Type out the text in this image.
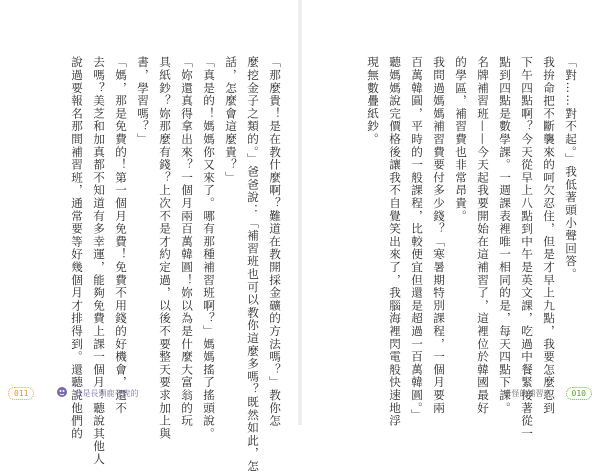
「那麼貴！是在教什麼啊？難道在教開採金礦的方法嗎？」教你怎

麼挖金子之類的。」爸爸說：「補習班也可以教你這麼多嗎？既然如此，怎

話，怎麼會這麼貴？」

「真是的！媽媽你又來了。哪有那種補習班啊？」媽媽搖了搖頭說。

「妳還真得拿出來？一個月兩百萬韓圓！妳以為是什麼大富翁的玩

具紙鈔？妳那麼有錢？上次不是才約定過，以後不要整天要求加上與

書，學習嗎？」

「媽，那是免費的！第一個月免費！免費不用錢的好機會，還不

去嗎？美芝和加真都不知道有多幸運，能夠免費上課一個月！聽說其他人

說過要報名那間補習班，通常要等好幾個月才排得到。還聽說他們的

011	我是長頸鹿老虎的

「對……對不起。」我低著頭小聲回答。

我拚命把不斷襲來的呵欠忍住，但是才早上九點，我要怎麼忍到

下午四點啊？今天從早上八點到中午是英文課，吃過中餐緊接著從一

點到四點是數學課。一週課表裡唯一相同的是，每天四點下課。

名牌補習班——今天起我要開始在這補習了，這裡位於韓國最好

的學區，補習費也非常昂貴。

我問過媽媽補習費要付多少錢？「寒暑期特別課程，一個月要兩

百萬韓圓，平時的一般課程，比較便宜但還是超過一百萬韓圓。」

聽媽媽說完價格後讓我不自覺笑出來了，我腦海裡閃電般快速地浮

現無數疊紙鈔。

奇怪的補習班	010
